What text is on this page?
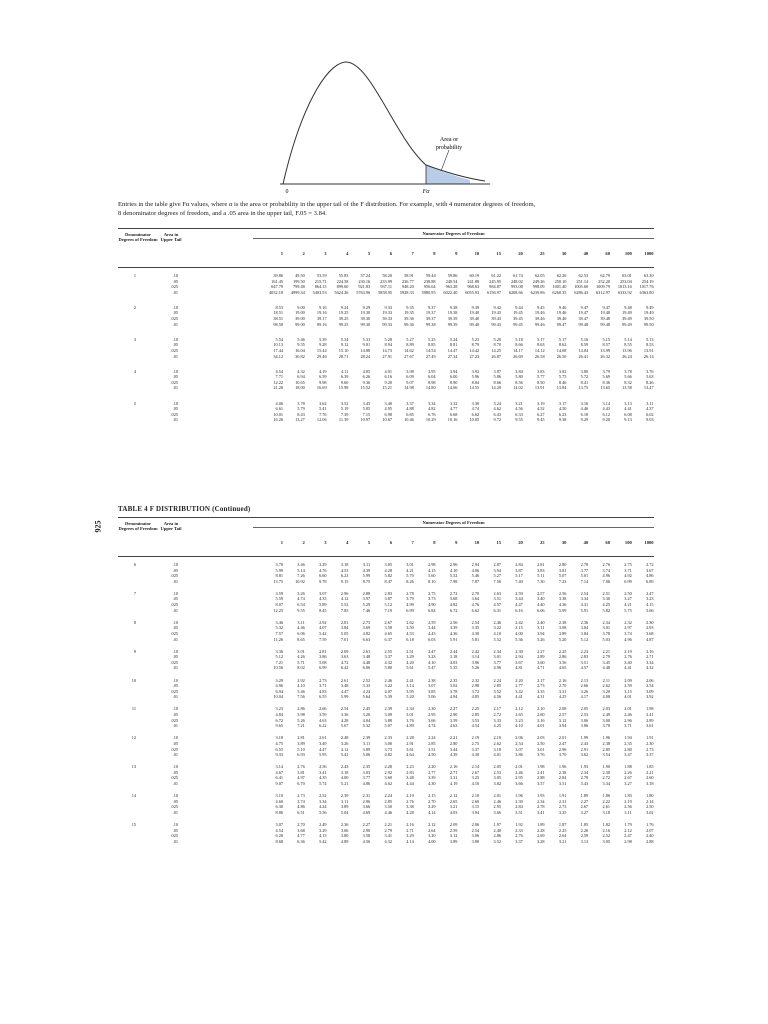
Area or
probability
0	Fα
Entries in the table give Fα values, where α is the area or probability in the upper tail of the F distribution. For example, with 4 numerator degrees of freedom,
8 denominator degrees of freedom, and a .05 area in the upper tail, F.05 = 3.84.
Denominator Degrees of Freedom
Area in Upper Tail
Numerator Degrees of Freedom
1	2	3	4	5	6	7	8	9	10	15	20	25	30	40	60	100	1000
1	.10	39.86	49.50	53.59	55.83	57.24	58.20	58.91	59.44	59.86	60.19	61.22	61.74	62.05	62.26	62.53	62.79	63.01	63.30
.05	161.45	199.50	215.71	224.58	230.16	233.99	236.77	238.88	240.54	241.88	245.95	248.02	249.26	250.10	251.14	252.20	253.04	254.19
.025	647.79	799.48	864.15	899.60	921.83	937.11	948.20	956.64	963.28	968.63	984.87	993.08	998.09	1001.40	1005.60	1009.79	1013.16	1017.76
.01	4052.18	4999.34	5403.53	5624.26	5763.96	5858.95	5928.33	5980.95	6022.40	6055.93	6156.97	6208.66	6239.86	6260.35	6286.43	6312.97	6333.92	6362.80
2	.10	8.53	9.00	9.16	9.24	9.29	9.33	9.35	9.37	9.38	9.39	9.42	9.44	9.45	9.46	9.47	9.47	9.48	9.49
.05	18.51	19.00	19.16	19.25	19.30	19.33	19.35	19.37	19.38	19.40	19.43	19.45	19.46	19.46	19.47	19.48	19.49	19.49
.025	38.51	39.00	39.17	39.25	39.30	39.33	39.36	39.37	39.39	39.40	39.43	39.45	39.46	39.46	39.47	39.48	39.49	39.50
.01	98.50	99.00	99.16	99.25	99.30	99.33	99.36	99.38	99.39	99.40	99.43	99.45	99.46	99.47	99.48	99.48	99.49	99.50
3	.10	5.54	5.46	5.39	5.34	5.31	5.28	5.27	5.25	5.24	5.23	5.20	5.18	5.17	5.17	5.16	5.15	5.14	5.13
.05	10.13	9.55	9.28	9.12	9.01	8.94	8.89	8.85	8.81	8.79	8.70	8.66	8.63	8.62	8.59	8.57	8.55	8.53
.025	17.44	16.04	15.44	15.10	14.88	14.73	14.62	14.54	14.47	14.42	14.25	14.17	14.12	14.08	14.04	13.99	13.96	13.91
.01	34.12	30.82	29.46	28.71	28.24	27.91	27.67	27.49	27.34	27.23	26.87	26.69	26.58	26.50	26.41	26.32	26.24	26.14
4	.10	4.54	4.32	4.19	4.11	4.05	4.01	3.98	3.95	3.94	3.92	3.87	3.84	3.83	3.82	3.80	3.79	3.78	3.76
.05	7.71	6.94	6.59	6.39	6.26	6.16	6.09	6.04	6.00	5.96	5.86	5.80	5.77	5.75	5.72	5.69	5.66	5.63
.025	12.22	10.65	9.98	9.60	9.36	9.20	9.07	8.98	8.90	8.84	8.66	8.56	8.50	8.46	8.41	8.36	8.32	8.26
.01	21.20	18.00	16.69	15.98	15.52	15.21	14.98	14.80	14.66	14.55	14.20	14.02	13.91	13.84	13.75	13.65	13.58	13.47
5	.10	4.06	3.78	3.62	3.52	3.45	3.40	3.37	3.34	3.32	3.30	3.24	3.21	3.19	3.17	3.16	3.14	3.13	3.11
.05	6.61	5.79	5.41	5.19	5.05	4.95	4.88	4.82	4.77	4.74	4.62	4.56	4.52	4.50	4.46	4.43	4.41	4.37
.025	10.01	8.43	7.76	7.39	7.15	6.98	6.85	6.76	6.68	6.62	6.43	6.33	6.27	6.23	6.18	6.12	6.08	6.02
.01	16.26	13.27	12.06	11.39	10.97	10.67	10.46	10.29	10.16	10.05	9.72	9.55	9.45	9.38	9.29	9.20	9.13	9.03
925
TABLE 4 F DISTRIBUTION (Continued)
Denominator Degrees of Freedom
Area in Upper Tail
Numerator Degrees of Freedom
1	2	3	4	5	6	7	8	9	10	15	20	25	30	40	60	100	1000
6	.10	3.78	3.46	3.29	3.18	3.11	3.05	3.01	2.98	2.96	2.94	2.87	2.84	2.81	2.80	2.78	2.76	2.75	2.72
.05	5.99	5.14	4.76	4.53	4.39	4.28	4.21	4.15	4.10	4.06	3.94	3.87	3.83	3.81	3.77	3.74	3.71	3.67
.025	8.81	7.26	6.60	6.23	5.99	5.82	5.70	5.60	5.52	5.46	5.27	5.17	5.11	5.07	5.01	4.96	4.92	4.86
.01	13.75	10.92	9.78	9.15	8.75	8.47	8.26	8.10	7.98	7.87	7.56	7.40	7.30	7.23	7.14	7.06	6.99	6.89
7	.10	3.59	3.26	3.07	2.96	2.88	2.83	2.78	2.75	2.72	2.70	2.63	2.59	2.57	2.56	2.54	2.51	2.50	2.47
.05	5.59	4.74	4.35	4.12	3.97	3.87	3.79	3.73	3.68	3.64	3.51	3.44	3.40	3.38	3.34	3.30	3.27	3.23
.025	8.07	6.54	5.89	5.52	5.29	5.12	4.99	4.90	4.82	4.76	4.57	4.47	4.40	4.36	4.31	4.25	4.21	4.15
.01	12.25	9.55	8.45	7.85	7.46	7.19	6.99	6.84	6.72	6.62	6.31	6.16	6.06	5.99	5.91	5.82	5.75	5.66
8	.10	3.46	3.11	2.92	2.81	2.73	2.67	2.62	2.59	2.56	2.54	2.46	2.42	2.40	2.38	2.36	2.34	2.32	2.30
.05	5.32	4.46	4.07	3.84	3.69	3.58	3.50	3.44	3.39	3.35	3.22	3.15	3.11	3.08	3.04	3.01	2.97	2.93
.025	7.57	6.06	5.42	5.05	4.82	4.65	4.53	4.43	4.36	4.30	4.10	4.00	3.94	3.89	3.84	3.78	3.74	3.68
.01	11.26	8.65	7.59	7.01	6.63	6.37	6.18	6.03	5.91	5.81	5.52	5.36	5.26	5.20	5.12	5.03	4.96	4.87
9	.10	3.36	3.01	2.81	2.69	2.61	2.55	2.51	2.47	2.44	2.42	2.34	2.30	2.27	2.25	2.23	2.21	2.19	2.16
.05	5.12	4.26	3.86	3.63	3.48	3.37	3.29	3.23	3.18	3.14	3.01	2.94	2.89	2.86	2.83	2.79	2.76	2.71
.025	7.21	5.71	5.08	4.72	4.48	4.32	4.20	4.10	4.03	3.96	3.77	3.67	3.60	3.56	3.51	3.45	3.40	3.34
.01	10.56	8.02	6.99	6.42	6.06	5.80	5.61	5.47	5.35	5.26	4.96	4.81	4.71	4.65	4.57	4.48	4.41	4.32
10	.10	3.29	2.92	2.73	2.61	2.52	2.46	2.41	2.38	2.35	2.32	2.24	2.20	2.17	2.16	2.13	2.11	2.09	2.06
.05	4.96	4.10	3.71	3.48	3.33	3.22	3.14	3.07	3.02	2.98	2.85	2.77	2.73	2.70	2.66	2.62	2.59	2.54
.025	6.94	5.46	4.83	4.47	4.24	4.07	3.95	3.85	3.78	3.72	3.52	3.42	3.35	3.31	3.26	3.20	3.15	3.09
.01	10.04	7.56	6.55	5.99	5.64	5.39	5.20	5.06	4.94	4.85	4.56	4.41	4.31	4.25	4.17	4.08	4.01	3.92
11	.10	3.23	2.86	2.66	2.54	2.45	2.39	2.34	2.30	2.27	2.25	2.17	2.12	2.10	2.08	2.05	2.03	2.01	1.98
.05	4.84	3.98	3.59	3.36	3.20	3.09	3.01	2.95	2.90	2.85	2.72	2.65	2.60	2.57	2.53	2.49	2.46	2.41
.025	6.72	5.26	4.63	4.28	4.04	3.88	3.76	3.66	3.59	3.53	3.33	3.23	3.16	3.12	3.06	3.00	2.96	2.89
.01	9.65	7.21	6.22	5.67	5.32	5.07	4.89	4.74	4.63	4.54	4.25	4.10	4.01	3.94	3.86	3.78	3.71	3.61
12	.10	3.18	2.81	2.61	2.48	2.39	2.33	2.28	2.24	2.21	2.19	2.10	2.06	2.03	2.01	1.99	1.96	1.94	1.91
.05	4.75	3.89	3.49	3.26	3.11	3.00	2.91	2.85	2.80	2.75	2.62	2.54	2.50	2.47	2.43	2.38	2.35	2.30
.025	6.55	5.10	4.47	4.12	3.89	3.73	3.61	3.51	3.44	3.37	3.18	3.07	3.01	2.96	2.91	2.85	2.80	2.73
.01	9.33	6.93	5.95	5.41	5.06	4.82	4.64	4.50	4.39	4.30	4.01	3.86	3.76	3.70	3.62	3.54	3.47	3.37
13	.10	3.14	2.76	2.56	2.43	2.35	2.28	2.23	2.20	2.16	2.14	2.05	2.01	1.98	1.96	1.93	1.90	1.88	1.85
.05	4.67	3.81	3.41	3.18	3.03	2.92	2.83	2.77	2.71	2.67	2.53	2.46	2.41	2.38	2.34	2.30	2.26	2.21
.025	6.41	4.97	4.35	4.00	3.77	3.60	3.48	3.39	3.31	3.25	3.05	2.95	2.88	2.84	2.78	2.72	2.67	2.60
.01	9.07	6.70	5.74	5.21	4.86	4.62	4.44	4.30	4.19	4.10	3.82	3.66	3.57	3.51	3.43	3.34	3.27	3.18
14	.10	3.10	2.73	2.52	2.39	2.31	2.24	2.19	2.15	2.12	2.10	2.01	1.96	1.93	1.91	1.89	1.86	1.83	1.80
.05	4.60	3.74	3.34	3.11	2.96	2.85	2.76	2.70	2.65	2.60	2.46	2.39	2.34	2.31	2.27	2.22	2.19	2.14
.025	6.30	4.86	4.24	3.89	3.66	3.50	3.38	3.29	3.21	3.15	2.95	2.84	2.78	2.73	2.67	2.61	2.56	2.50
.01	8.86	6.51	5.56	5.04	4.69	4.46	4.28	4.14	4.03	3.94	3.66	3.51	3.41	3.35	3.27	3.18	3.11	3.02
15	.10	3.07	2.70	2.49	2.36	2.27	2.21	2.16	2.12	2.09	2.06	1.97	1.92	1.89	1.87	1.85	1.82	1.79	1.76
.05	4.54	3.68	3.29	3.06	2.90	2.79	2.71	2.64	2.59	2.54	2.40	2.33	2.28	2.25	2.20	2.16	2.12	2.07
.025	6.20	4.77	4.15	3.80	3.58	3.41	3.29	3.20	3.12	3.06	2.86	2.76	2.69	2.64	2.59	2.52	2.47	2.40
.01	8.68	6.36	5.42	4.89	4.56	4.32	4.14	4.00	3.89	3.80	3.52	3.37	3.28	3.21	3.13	3.05	2.98	2.88
